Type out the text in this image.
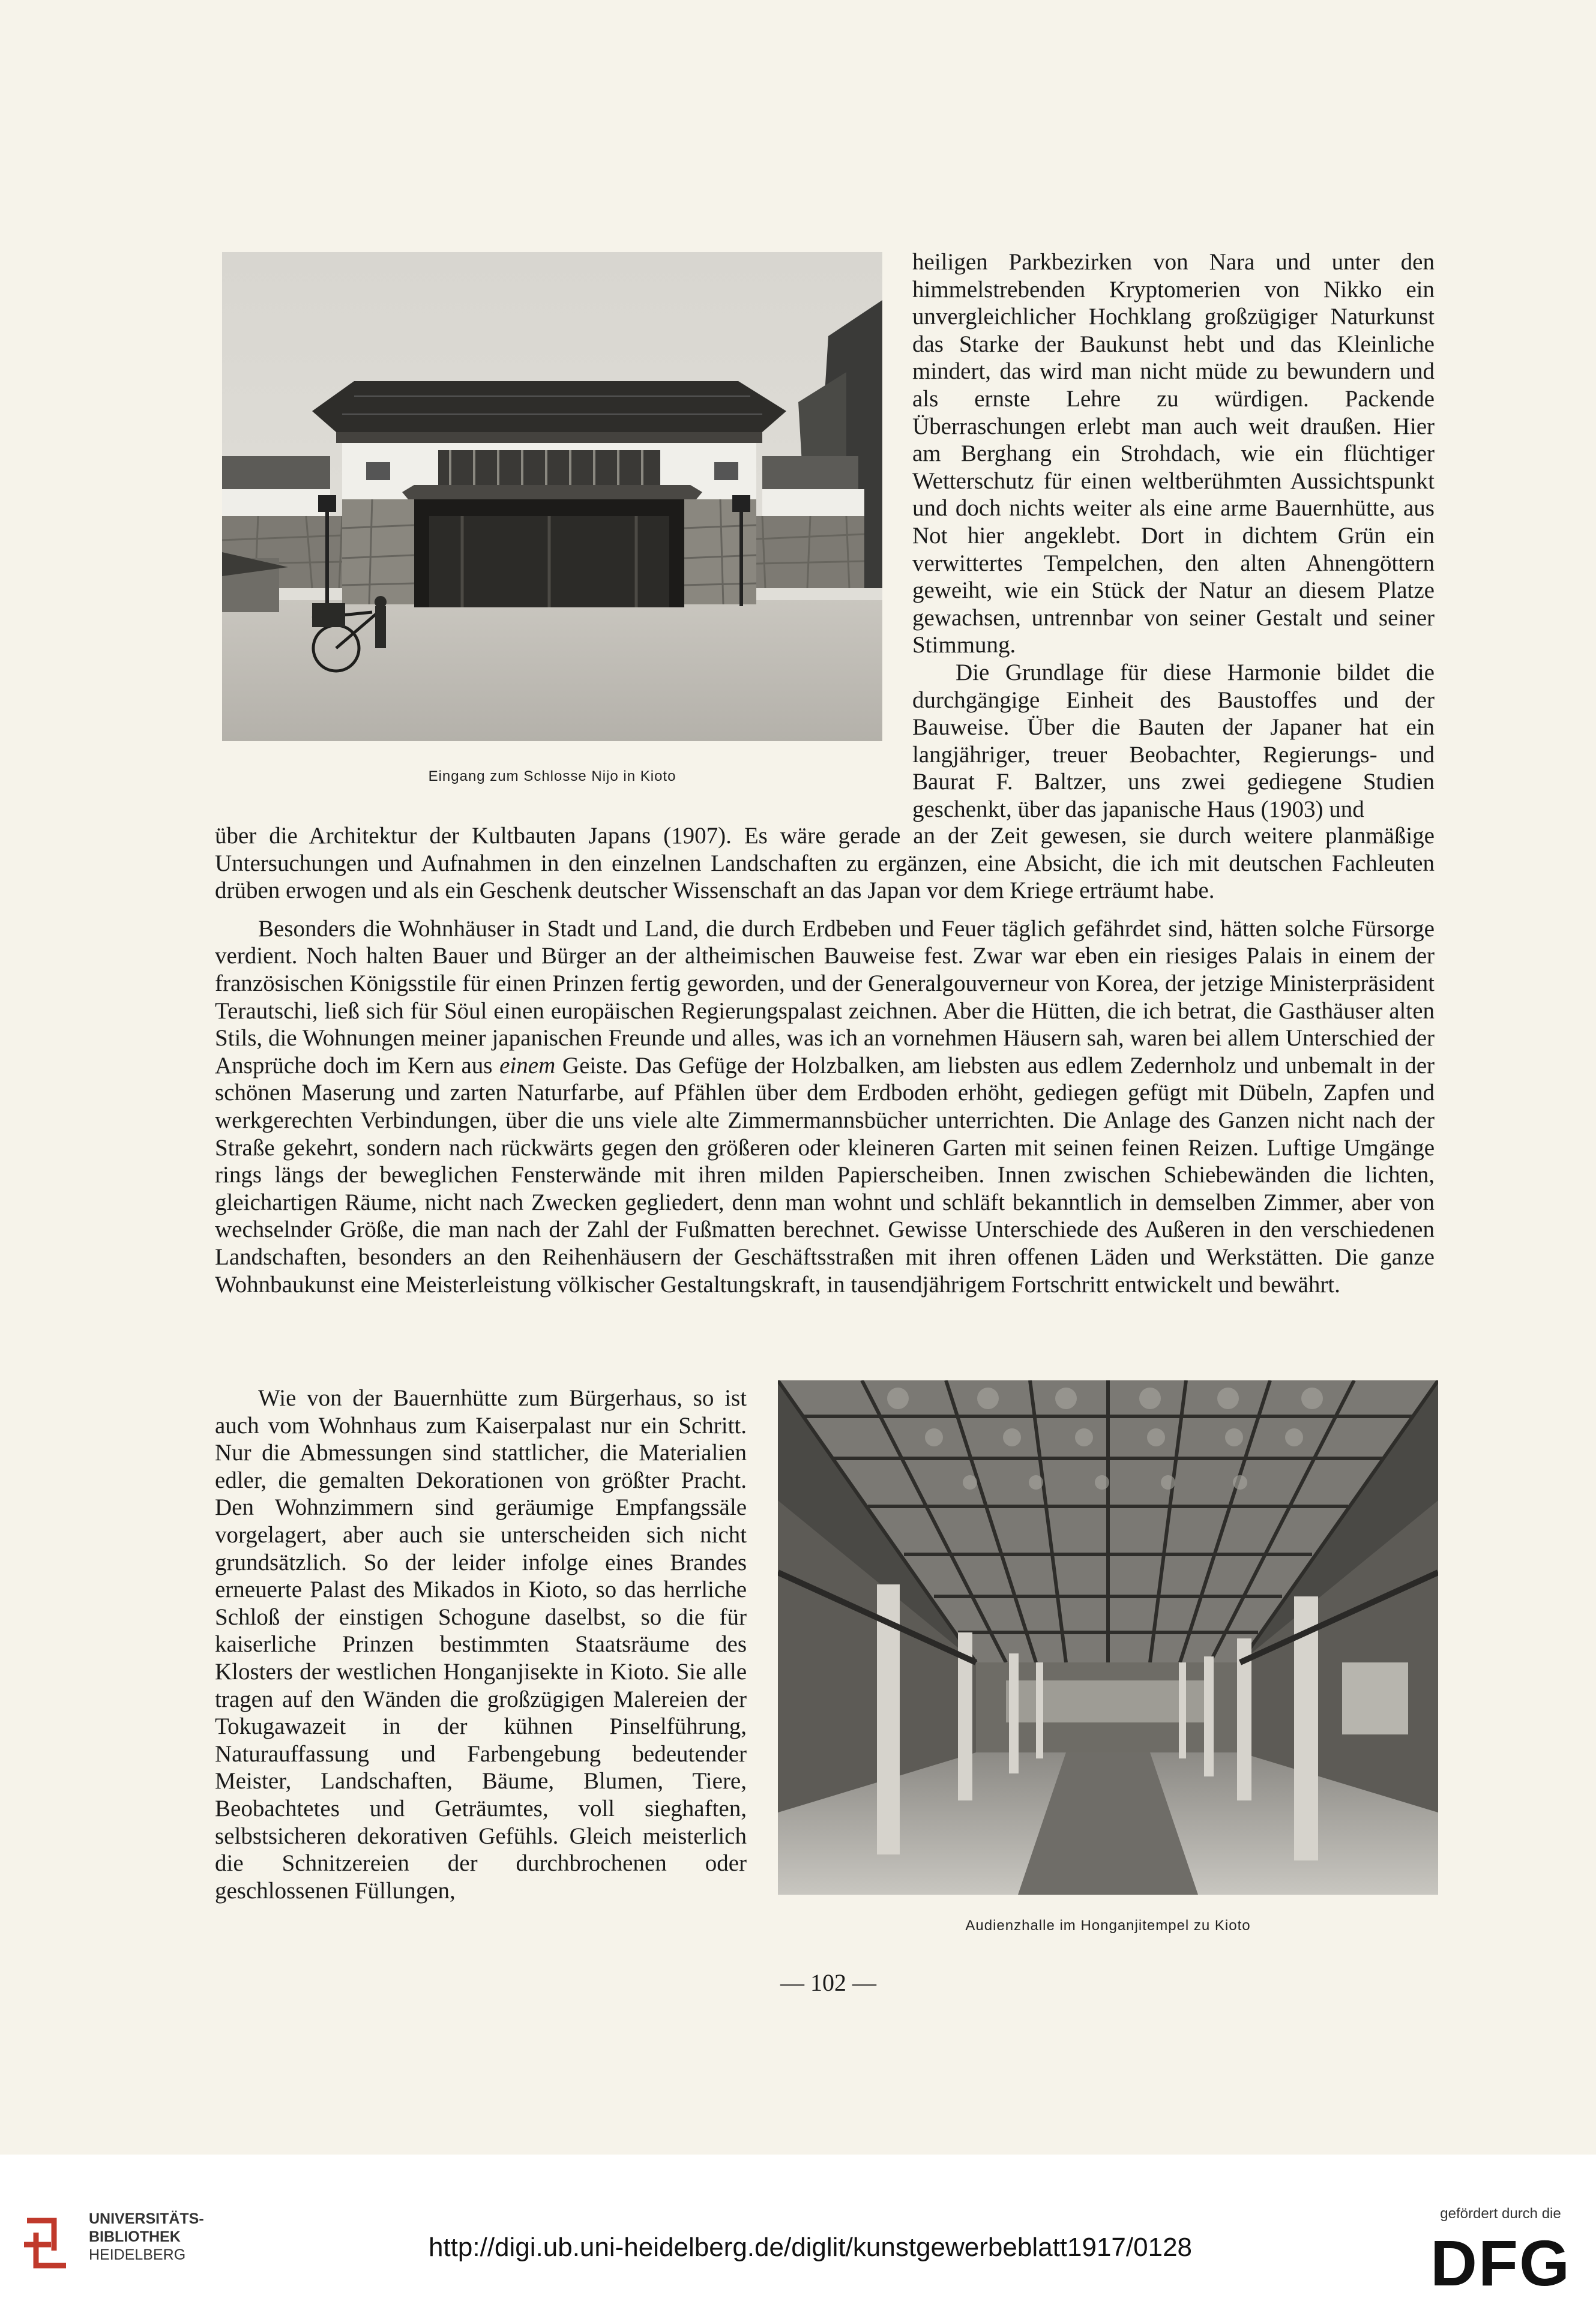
Eingang zum Schlosse Nijo in Kioto

heiligen Parkbezirken von Nara und unter den himmelstrebenden Kryptomerien von Nikko ein unvergleichlicher Hochklang großzügiger Naturkunst das Starke der Baukunst hebt und das Kleinliche mindert, das wird man nicht müde zu bewundern und als ernste Lehre zu würdigen. Packende Überraschungen erlebt man auch weit draußen. Hier am Berghang ein Strohdach, wie ein flüchtiger Wetterschutz für einen weltberühmten Aussichtspunkt und doch nichts weiter als eine arme Bauernhütte, aus Not hier angeklebt. Dort in dichtem Grün ein verwittertes Tempelchen, den alten Ahnengöttern geweiht, wie ein Stück der Natur an diesem Platze gewachsen, untrennbar von seiner Gestalt und seiner Stimmung.

Die Grundlage für diese Harmonie bildet die durchgängige Einheit des Baustoffes und der Bauweise. Über die Bauten der Japaner hat ein langjähriger, treuer Beobachter, Regierungs- und Baurat F. Baltzer, uns zwei gediegene Studien geschenkt, über das japanische Haus (1903) und

über die Architektur der Kultbauten Japans (1907). Es wäre gerade an der Zeit gewesen, sie durch weitere planmäßige Untersuchungen und Aufnahmen in den einzelnen Landschaften zu ergänzen, eine Absicht, die ich mit deutschen Fachleuten drüben erwogen und als ein Geschenk deutscher Wissenschaft an das Japan vor dem Kriege erträumt habe.

Besonders die Wohnhäuser in Stadt und Land, die durch Erdbeben und Feuer täglich gefährdet sind, hätten solche Fürsorge verdient. Noch halten Bauer und Bürger an der altheimischen Bauweise fest. Zwar war eben ein riesiges Palais in einem der französischen Königsstile für einen Prinzen fertig geworden, und der Generalgouverneur von Korea, der jetzige Ministerpräsident Terautschi, ließ sich für Söul einen europäischen Regierungspalast zeichnen. Aber die Hütten, die ich betrat, die Gasthäuser alten Stils, die Wohnungen meiner japanischen Freunde und alles, was ich an vornehmen Häusern sah, waren bei allem Unterschied der Ansprüche doch im Kern aus einem Geiste. Das Gefüge der Holzbalken, am liebsten aus edlem Zedernholz und unbemalt in der schönen Maserung und zarten Naturfarbe, auf Pfählen über dem Erdboden erhöht, gediegen gefügt mit Dübeln, Zapfen und werkgerechten Verbindungen, über die uns viele alte Zimmermannsbücher unterrichten. Die Anlage des Ganzen nicht nach der Straße gekehrt, sondern nach rückwärts gegen den größeren oder kleineren Garten mit seinen feinen Reizen. Luftige Umgänge rings längs der beweglichen Fensterwände mit ihren milden Papierscheiben. Innen zwischen Schiebewänden die lichten, gleichartigen Räume, nicht nach Zwecken gegliedert, denn man wohnt und schläft bekanntlich in demselben Zimmer, aber von wechselnder Größe, die man nach der Zahl der Fußmatten berechnet. Gewisse Unterschiede des Außeren in den verschiedenen Landschaften, besonders an den Reihenhäusern der Geschäftsstraßen mit ihren offenen Läden und Werkstätten. Die ganze Wohnbaukunst eine Meisterleistung völkischer Gestaltungskraft, in tausendjährigem Fortschritt entwickelt und bewährt.

Wie von der Bauernhütte zum Bürgerhaus, so ist auch vom Wohnhaus zum Kaiserpalast nur ein Schritt. Nur die Abmessungen sind stattlicher, die Materialien edler, die gemalten Dekorationen von größter Pracht. Den Wohnzimmern sind geräumige Empfangssäle vorgelagert, aber auch sie unterscheiden sich nicht grundsätzlich. So der leider infolge eines Brandes erneuerte Palast des Mikados in Kioto, so das herrliche Schloß der einstigen Schogune daselbst, so die für kaiserliche Prinzen bestimmten Staatsräume des Klosters der westlichen Honganjisekte in Kioto. Sie alle tragen auf den Wänden die großzügigen Malereien der Tokugawazeit in der kühnen Pinselführung, Naturauffassung und Farbengebung bedeutender Meister, Landschaften, Bäume, Blumen, Tiere, Beobachtetes und Geträumtes, voll sieghaften, selbstsicheren dekorativen Gefühls. Gleich meisterlich die Schnitzereien der durchbrochenen oder geschlossenen Füllungen,

Audienzhalle im Honganjitempel zu Kioto
— 102 —
UNIVERSITÄTS-
BIBLIOTHEK
HEIDELBERG	http://digi.ub.uni-heidelberg.de/diglit/kunstgewerbeblatt1917/0128
gefördert durch die
DFG
